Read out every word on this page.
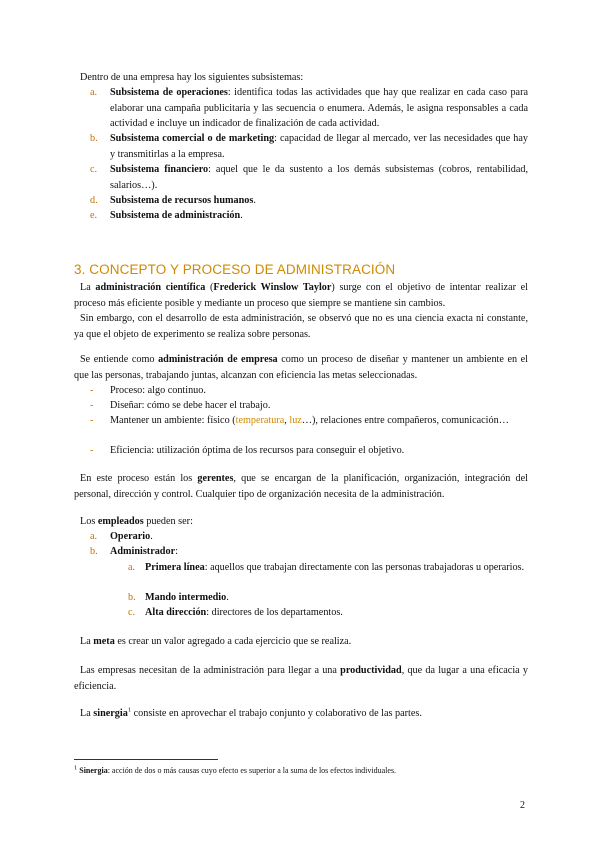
Dentro de una empresa hay los siguientes subsistemas:
a. Subsistema de operaciones: identifica todas las actividades que hay que realizar en cada caso para elaborar una campaña publicitaria y las secuencia o enumera. Además, le asigna responsables a cada actividad e incluye un indicador de finalización de cada actividad.
b. Subsistema comercial o de marketing: capacidad de llegar al mercado, ver las necesidades que hay y transmitirlas a la empresa.
c. Subsistema financiero: aquel que le da sustento a los demás subsistemas (cobros, rentabilidad, salarios…).
d. Subsistema de recursos humanos.
e. Subsistema de administración.
3. CONCEPTO Y PROCESO DE ADMINISTRACIÓN
La administración científica (Frederick Winslow Taylor) surge con el objetivo de intentar realizar el proceso más eficiente posible y mediante un proceso que siempre se mantiene sin cambios.
Sin embargo, con el desarrollo de esta administración, se observó que no es una ciencia exacta ni constante, ya que el objeto de experimento se realiza sobre personas.
Se entiende como administración de empresa como un proceso de diseñar y mantener un ambiente en el que las personas, trabajando juntas, alcanzan con eficiencia las metas seleccionadas.
- Proceso: algo continuo.
- Diseñar: cómo se debe hacer el trabajo.
- Mantener un ambiente: físico (temperatura, luz…), relaciones entre compañeros, comunicación…
- Eficiencia: utilización óptima de los recursos para conseguir el objetivo.
En este proceso están los gerentes, que se encargan de la planificación, organización, integración del personal, dirección y control. Cualquier tipo de organización necesita de la administración.
Los empleados pueden ser:
a. Operario.
b. Administrador:
a. Primera línea: aquellos que trabajan directamente con las personas trabajadoras u operarios.
b. Mando intermedio.
c. Alta dirección: directores de los departamentos.
La meta es crear un valor agregado a cada ejercicio que se realiza.
Las empresas necesitan de la administración para llegar a una productividad, que da lugar a una eficacia y eficiencia.
La sinergia$^1$ consiste en aprovechar el trabajo conjunto y colaborativo de las partes.
$^1$ Sinergia: acción de dos o más causas cuyo efecto es superior a la suma de los efectos individuales.
2
